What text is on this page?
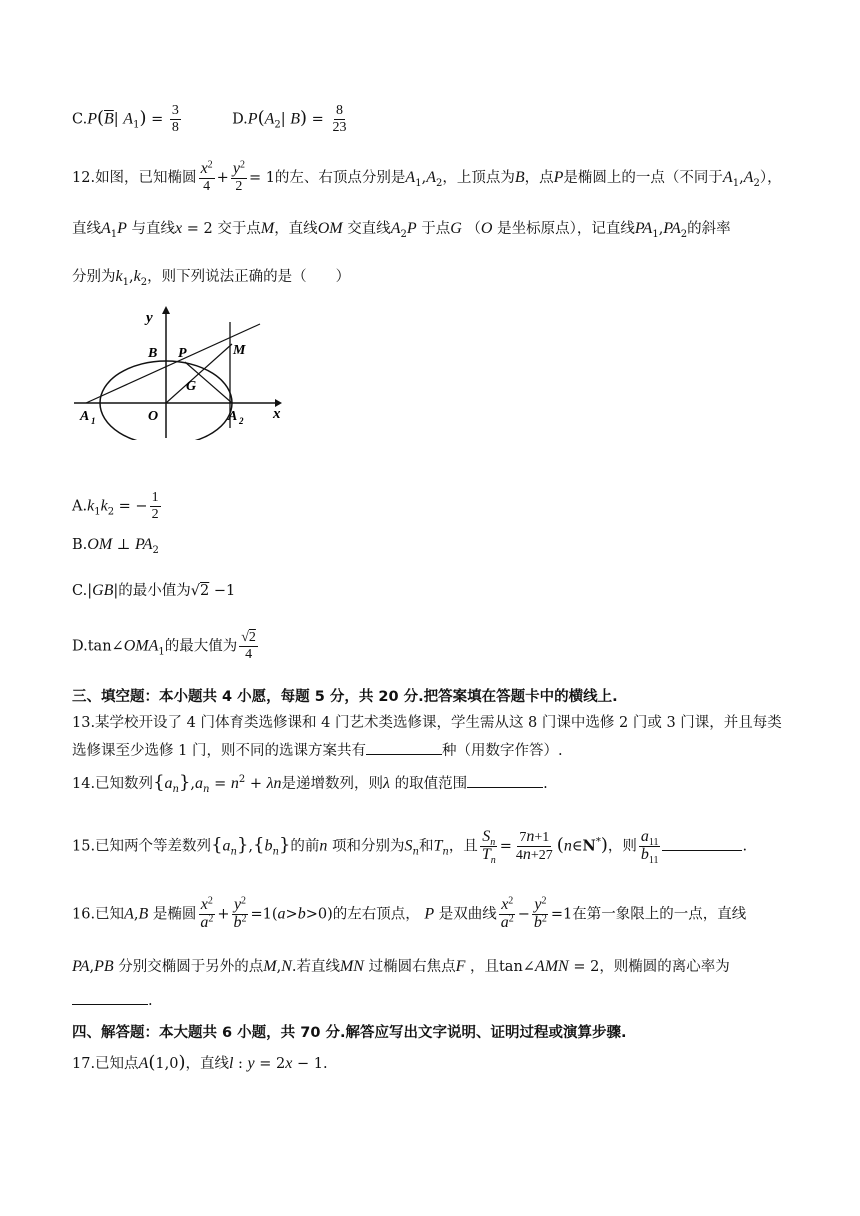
$C.P(\overline{B}|$ $A_1) = \frac{3}{8}$	$D.P(A_2|$ $B) = \frac{8}{23}$
12.如图，已知椭圆 $\frac{x^2}{4} + \frac{y^2}{2} = 1$的左、右顶点分别是$A_1,A_2$，上顶点为B，点P是椭圆上的一点（不同于$A_1,A_2$），
直线$A_1P$ 与直线x = 2 交于点M，直线OM 交直线$A_2P$ 于点G （O 是坐标原点），记直线$PA_1,PA_2$的斜率
分别为$k_1,k_2$，则下列说法正确的是（　　）
y
x
B P	M
G
O
A 1	A 2
$A.k_1k_2$ = − $\frac{1}{2}$
B.OM ⊥ $PA_2$
C.|GB|的最小值为√2 −1
$D.\tan\angle OMA_1$的最大值为 $\frac{√2}{4}$
三、填空题：本小题共 4 小愿，每题 5 分，共 20 分.把答案填在答题卡中的横线上.
13.某学校开设了 4 门体育类选修课和 4 门艺术类选修课，学生需从这 8 门课中选修 2 门或 3 门课，并且每类
选修课至少选修 1 门，则不同的选课方案共有	种（用数字作答）.
14.已知数列$\{a_n\},a_n = n^2 + \lambda n$是递增数列，则λ 的取值范围	.
15.已知两个等差数列$\{a_n\},\{b_n\}$的前n 项和分别为$S_n$和$T_n$，且 $\frac{S_n}{T_n} = \frac{7n+1}{4n+27}$ (n∈N*)，则 $\frac{a_{11}}{b_{11}}$	.
16.已知A,B 是椭圆 $\frac{x^2}{a^2} + \frac{y^2}{b^2} =1(a>b>0)$的左右顶点， P 是双曲线 $\frac{x^2}{a^2} - \frac{y^2}{b^2} =1$在第一象限上的一点，直线
PA,PB 分别交椭圆于另外的点M,N.若直线MN 过椭圆右焦点F ，且tan∠AMN = 2，则椭圆的离心率为
.
四、解答题：本大题共 6 小题，共 70 分.解答应写出文字说明、证明过程或演算步骤.
17.已知点A(1,0)，直线l : y = 2x − 1.
